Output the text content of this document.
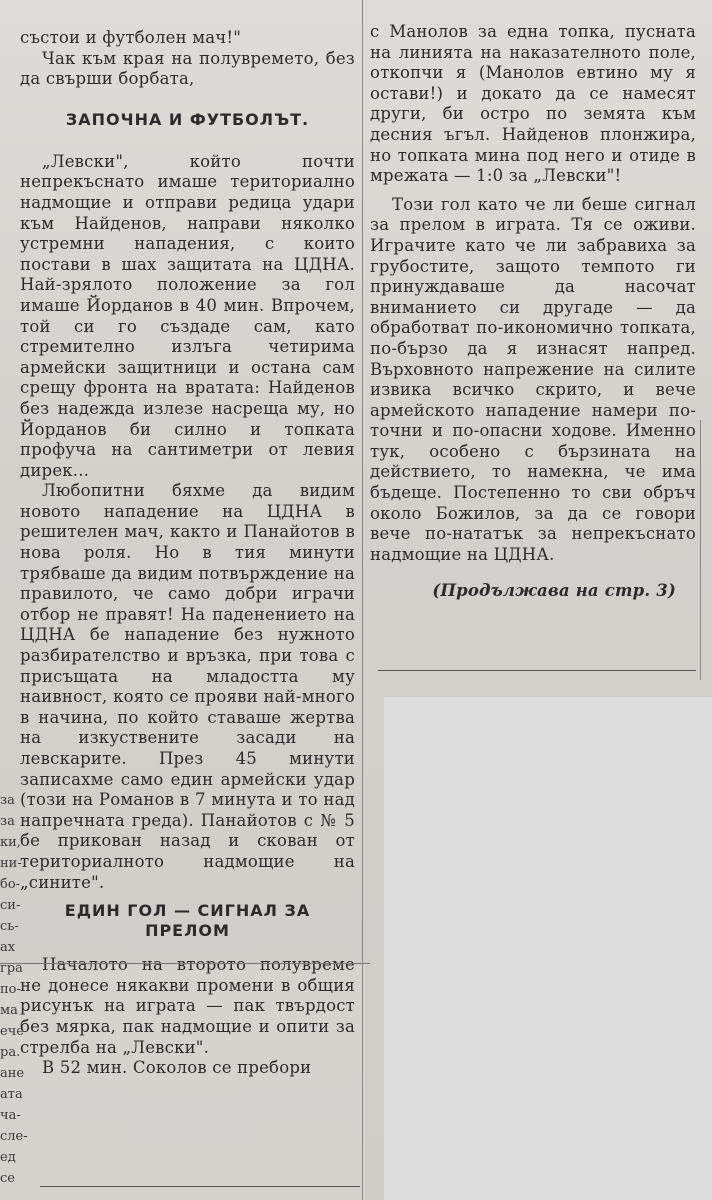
за
за
ки,
ни-
бо-
си-
сь-
ах
гра
по-
ма
ече
ра.
ане
ата
ча-
сле-
ед
се

състои и футболен мач!"

Чак към края на полувремето, без да свърши борбата,

ЗАПОЧНА И ФУТБОЛЪТ.

„Левски", който почти непрекъснато имаше териториално надмощие и отправи редица удари към Найденов, направи няколко устремни нападения, с които постави в шах защитата на ЦДНА. Най-зрялото положение за гол имаше Йорданов в 40 мин. Впрочем, той си го създаде сам, като стремително излъга четирима армейски защитници и остана сам срещу фронта на вратата: Найденов без надежда излезе насреща му, но Йорданов би силно и топката профуча на сантиметри от левия дирек...

Любопитни бяхме да видим новото нападение на ЦДНА в решителен мач, както и Панайотов в нова роля. Но в тия минути трябваше да видим потвърждение на правилото, че само добри играчи отбор не правят! На паденението на ЦДНА бе нападение без нужното разбирателство и връзка, при това с присъщата на младостта му наивност, която се прояви най-много в начина, по който ставаше жертва на изкуствените засади на левскарите. През 45 минути записахме само един армейски удар (този на Романов в 7 минута и то над напречната греда). Панайотов с № 5 бе прикован назад и скован от териториалното надмощие на „сините".

ЕДИН ГОЛ — СИГНАЛ ЗА
ПРЕЛОМ

Началото на второто полувреме не донесе някакви промени в общия рисунък на играта — пак твърдост без мярка, пак надмощие и опити за стрелба на „Левски".

В 52 мин. Соколов се пребори

с Манолов за една топка, пусната на линията на наказателното поле, откопчи я (Манолов евтино му я остави!) и докато да се намесят други, би остро по земята към десния ъгъл. Найденов плонжира, но топката мина под него и отиде в мрежата — 1:0 за „Левски"!

Този гол като че ли беше сигнал за прелом в играта. Тя се оживи. Играчите като че ли забравиха за грубостите, защото темпото ги принуждаваше да насочат вниманието си другаде — да обработват по-икономично топката, по-бързо да я изнасят напред. Върховното напрежение на силите извика всичко скрито, и вече армейското нападение намери по-точни и по-опасни ходове. Именно тук, особено с бързината на действието, то намекна, че има бъдеще. Постепенно то сви обръч около Божилов, за да се говори вече по-нататък за непрекъснато надмощие на ЦДНА.

(Продължава на стр. 3)
